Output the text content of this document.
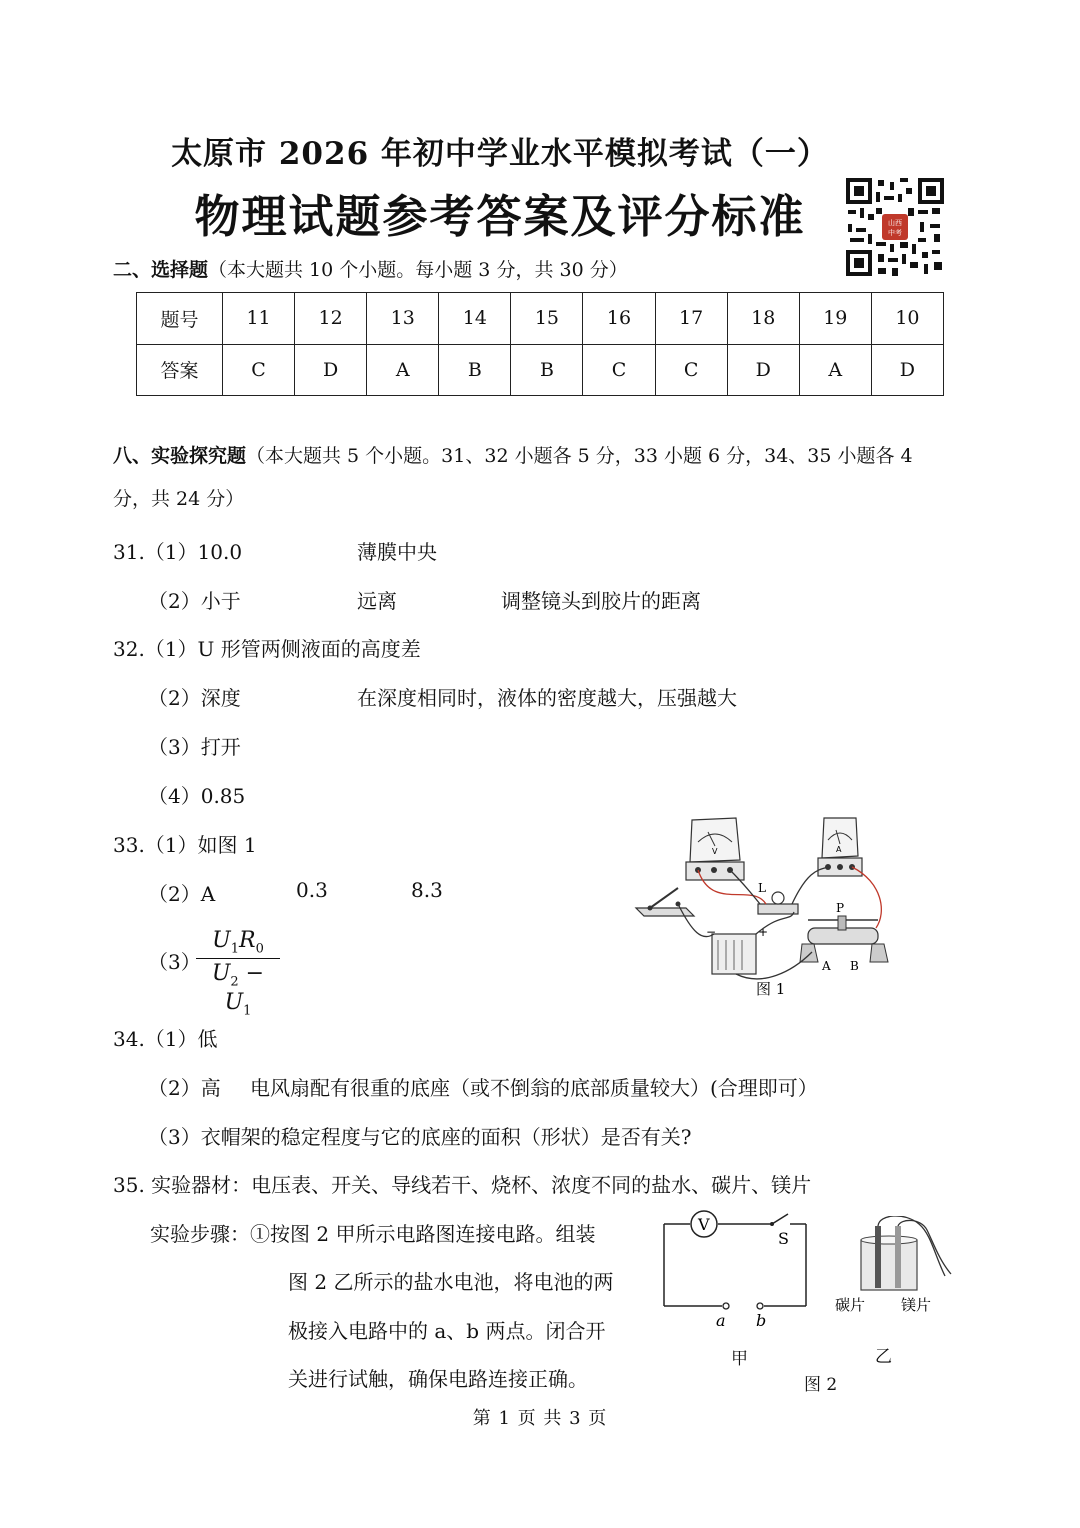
太原市 2026 年初中学业水平模拟考试（一）
物理试题参考答案及评分标准	山西
中考
二、选择题（本大题共 10 个小题。每小题 3 分，共 30 分）
题号	11	12	13	14	15	16	17	18	19	10
答案	C	D	A	B	B	C	C	D	A	D
八、实验探究题（本大题共 5 个小题。31、32 小题各 5 分，33 小题 6 分，34、35 小题各 4
分，共 24 分）
31.（1）10.0	薄膜中央
（2）小于	远离	调整镜头到胶片的距离
32.（1）U 形管两侧液面的高度差
（2）深度	在深度相同时，液体的密度越大，压强越大
（3）打开
（4）0.85
33.（1）如图 1
（2）A	0.3	8.3
（3）
$\frac{U_1R_0}{U_2 - U_1}$
V	A
L
−	+
P
A B
图 1
34.（1）低
（2）高 电风扇配有很重的底座（或不倒翁的底部质量较大）(合理即可）
（3）衣帽架的稳定程度与它的底座的面积（形状）是否有关?
35. 实验器材：电压表、开关、导线若干、烧杯、浓度不同的盐水、碳片、镁片
实验步骤：①按图 2 甲所示电路图连接电路。组装
图 2 乙所示的盐水电池，将电池的两
极接入电路中的 a、b 两点。闭合开
关进行试触，确保电路连接正确。
V
S
a b
碳片 镁片
甲	乙
图 2
第 1 页 共 3 页
